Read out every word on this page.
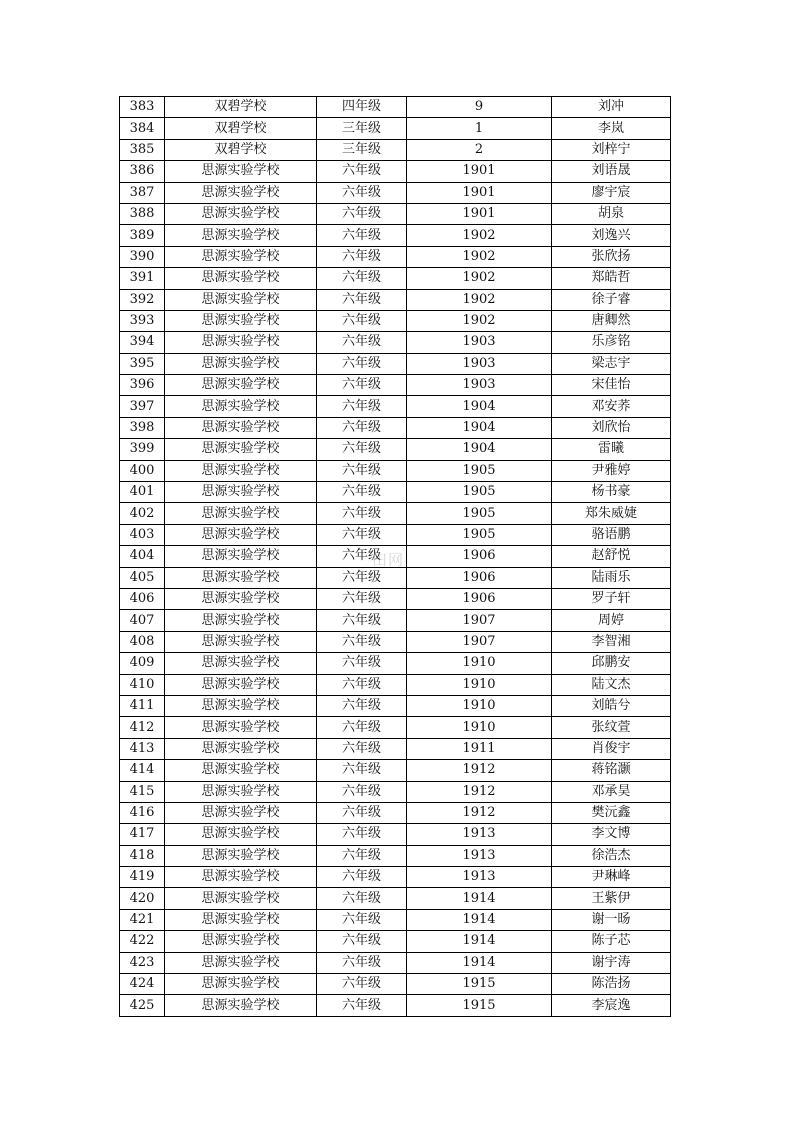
383	双碧学校	四年级	9	刘冲
384	双碧学校	三年级	1	李岚
385	双碧学校	三年级	2	刘梓宁
386	思源实验学校	六年级	1901	刘语晟
387	思源实验学校	六年级	1901	廖宇宸
388	思源实验学校	六年级	1901	胡泉
389	思源实验学校	六年级	1902	刘逸兴
390	思源实验学校	六年级	1902	张欣扬
391	思源实验学校	六年级	1902	郑皓哲
392	思源实验学校	六年级	1902	徐子睿
393	思源实验学校	六年级	1902	唐卿然
394	思源实验学校	六年级	1903	乐彦铭
395	思源实验学校	六年级	1903	梁志宇
396	思源实验学校	六年级	1903	宋佳怡
397	思源实验学校	六年级	1904	邓安荞
398	思源实验学校	六年级	1904	刘欣怡
399	思源实验学校	六年级	1904	雷曦
400	思源实验学校	六年级	1905	尹雅婷
401	思源实验学校	六年级	1905	杨书豪
402	思源实验学校	六年级	1905	郑朱威婕
403	思源实验学校	六年级	1905	骆语鹏
404	思源实验学校	六年级	1906	赵舒悦
405	思源实验学校	六年级	1906	陆雨乐
406	思源实验学校	六年级	1906	罗子轩
407	思源实验学校	六年级	1907	周婷
408	思源实验学校	六年级	1907	李智湘
409	思源实验学校	六年级	1910	邱鹏安
410	思源实验学校	六年级	1910	陆文杰
411	思源实验学校	六年级	1910	刘皓兮
412	思源实验学校	六年级	1910	张纹萱
413	思源实验学校	六年级	1911	肖俊宇
414	思源实验学校	六年级	1912	蒋铭灏
415	思源实验学校	六年级	1912	邓承昊
416	思源实验学校	六年级	1912	樊沅鑫
417	思源实验学校	六年级	1913	李文博
418	思源实验学校	六年级	1913	徐浩杰
419	思源实验学校	六年级	1913	尹琳峰
420	思源实验学校	六年级	1914	王紫伊
421	思源实验学校	六年级	1914	谢一旸
422	思源实验学校	六年级	1914	陈子芯
423	思源实验学校	六年级	1914	谢宇涛
424	思源实验学校	六年级	1915	陈浩扬
425	思源实验学校	六年级	1915	李宸逸
田网
